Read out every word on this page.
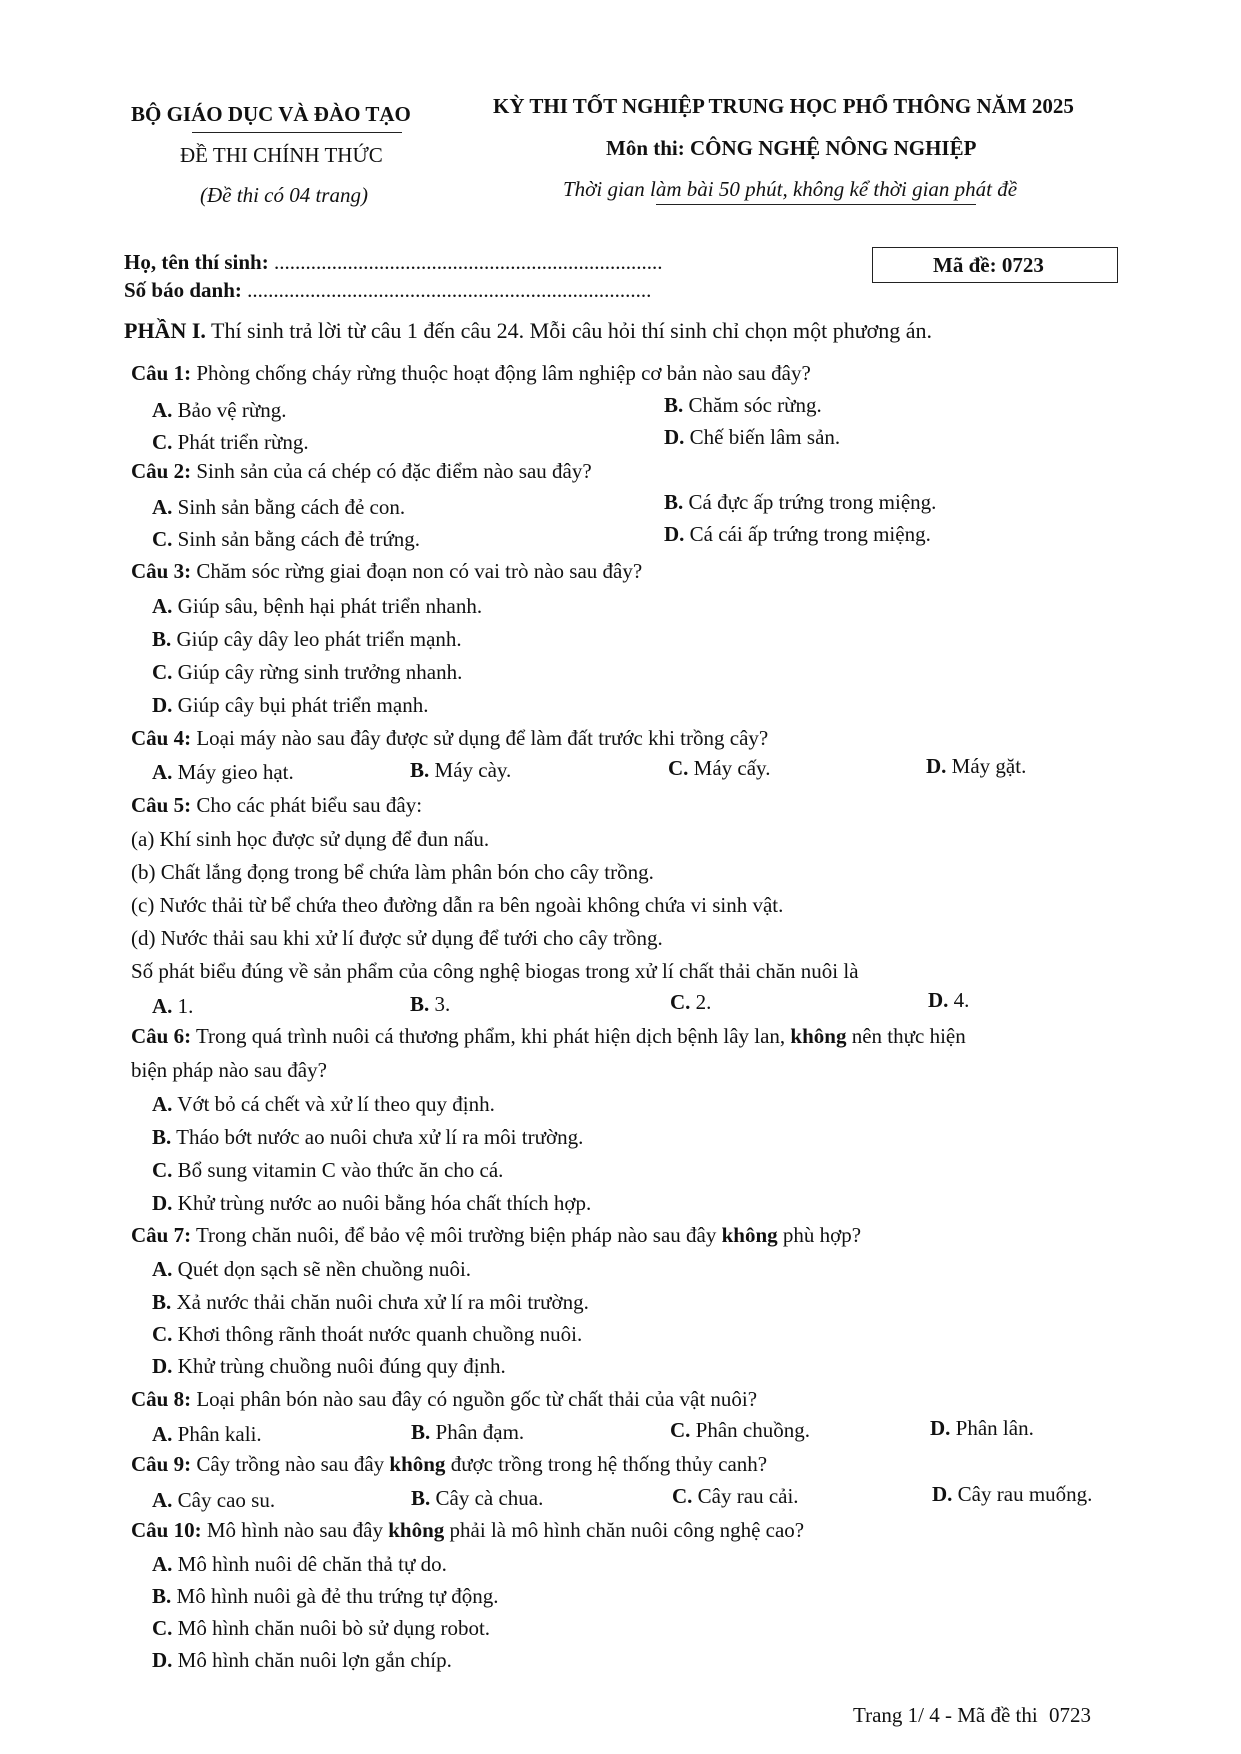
BỘ GIÁO DỤC VÀ ĐÀO TẠO
ĐỀ THI CHÍNH THỨC
(Đề thi có 04 trang)
KỲ THI TỐT NGHIỆP TRUNG HỌC PHỔ THÔNG NĂM 2025
Môn thi: CÔNG NGHỆ NÔNG NGHIỆP
Thời gian làm bài 50 phút, không kể thời gian phát đề
Họ, tên thí sinh: ..........................................................................
Số báo danh: .............................................................................
Mã đề: 0723
PHẦN I. Thí sinh trả lời từ câu 1 đến câu 24. Mỗi câu hỏi thí sinh chỉ chọn một phương án.
Câu 1: Phòng chống cháy rừng thuộc hoạt động lâm nghiệp cơ bản nào sau đây?
A. Bảo vệ rừng.	B. Chăm sóc rừng.
C. Phát triển rừng.	D. Chế biến lâm sản.
Câu 2: Sinh sản của cá chép có đặc điểm nào sau đây?
A. Sinh sản bằng cách đẻ con.	B. Cá đực ấp trứng trong miệng.
C. Sinh sản bằng cách đẻ trứng.	D. Cá cái ấp trứng trong miệng.
Câu 3: Chăm sóc rừng giai đoạn non có vai trò nào sau đây?
A. Giúp sâu, bệnh hại phát triển nhanh.
B. Giúp cây dây leo phát triển mạnh.
C. Giúp cây rừng sinh trưởng nhanh.
D. Giúp cây bụi phát triển mạnh.
Câu 4: Loại máy nào sau đây được sử dụng để làm đất trước khi trồng cây?
A. Máy gieo hạt.	B. Máy cày.	C. Máy cấy.	D. Máy gặt.
Câu 5: Cho các phát biểu sau đây:
(a) Khí sinh học được sử dụng để đun nấu.
(b) Chất lắng đọng trong bể chứa làm phân bón cho cây trồng.
(c) Nước thải từ bể chứa theo đường dẫn ra bên ngoài không chứa vi sinh vật.
(d) Nước thải sau khi xử lí được sử dụng để tưới cho cây trồng.
Số phát biểu đúng về sản phẩm của công nghệ biogas trong xử lí chất thải chăn nuôi là
A. 1.	B. 3.	C. 2.	D. 4.
Câu 6: Trong quá trình nuôi cá thương phẩm, khi phát hiện dịch bệnh lây lan, không nên thực hiện
biện pháp nào sau đây?
A. Vớt bỏ cá chết và xử lí theo quy định.
B. Tháo bớt nước ao nuôi chưa xử lí ra môi trường.
C. Bổ sung vitamin C vào thức ăn cho cá.
D. Khử trùng nước ao nuôi bằng hóa chất thích hợp.
Câu 7: Trong chăn nuôi, để bảo vệ môi trường biện pháp nào sau đây không phù hợp?
A. Quét dọn sạch sẽ nền chuồng nuôi.
B. Xả nước thải chăn nuôi chưa xử lí ra môi trường.
C. Khơi thông rãnh thoát nước quanh chuồng nuôi.
D. Khử trùng chuồng nuôi đúng quy định.
Câu 8: Loại phân bón nào sau đây có nguồn gốc từ chất thải của vật nuôi?
A. Phân kali.	B. Phân đạm.	C. Phân chuồng.	D. Phân lân.
Câu 9: Cây trồng nào sau đây không được trồng trong hệ thống thủy canh?
A. Cây cao su.	B. Cây cà chua.	C. Cây rau cải.	D. Cây rau muống.
Câu 10: Mô hình nào sau đây không phải là mô hình chăn nuôi công nghệ cao?
A. Mô hình nuôi dê chăn thả tự do.
B. Mô hình nuôi gà đẻ thu trứng tự động.
C. Mô hình chăn nuôi bò sử dụng robot.
D. Mô hình chăn nuôi lợn gắn chíp.
Trang 1/ 4 - Mã đề thi 0723
